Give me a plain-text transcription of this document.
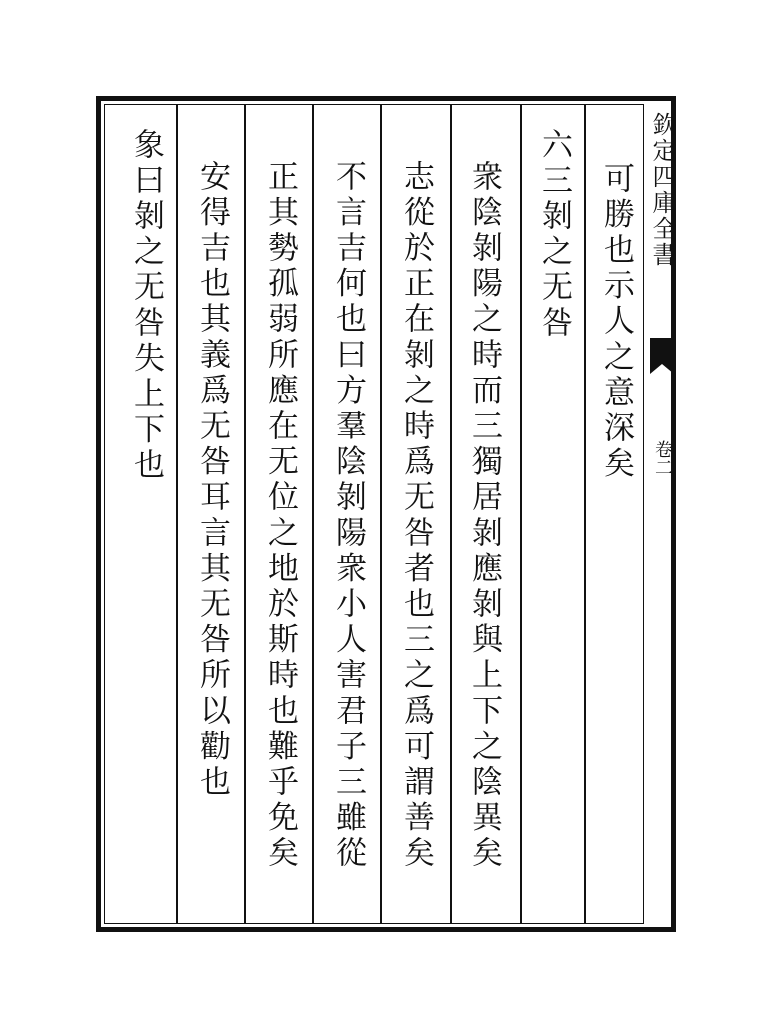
欽定四庫全書
卷二
可勝也示人之意深矣
六三剝之无咎
衆陰剝陽之時而三獨居剝應剝與上下之陰異矣
志從於正在剝之時爲无咎者也三之爲可謂善矣
不言吉何也曰方羣陰剝陽衆小人害君子三雖從
正其勢孤弱所應在无位之地於斯時也難乎免矣
安得吉也其義爲无咎耳言其无咎所以勸也
象曰剝之无咎失上下也
